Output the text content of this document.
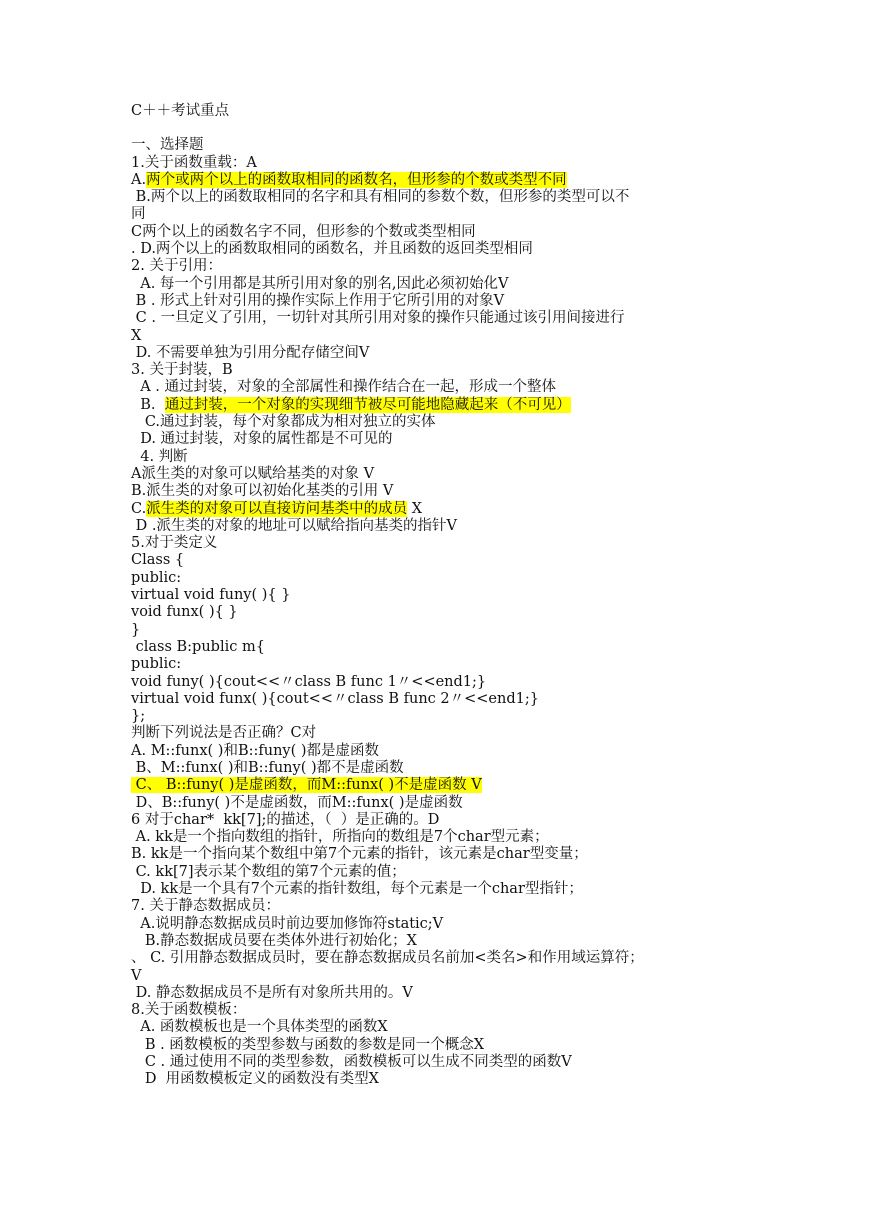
C＋＋考试重点
一、选择题
1.关于函数重载：A
A.两个或两个以上的函数取相同的函数名，但形参的个数或类型不同
B.两个以上的函数取相同的名字和具有相同的参数个数，但形参的类型可以不
同
C两个以上的函数名字不同，但形参的个数或类型相同
. D.两个以上的函数取相同的函数名，并且函数的返回类型相同
2. 关于引用：
A. 每一个引用都是其所引用对象的别名,因此必须初始化V
B . 形式上针对引用的操作实际上作用于它所引用的对象V
C . 一旦定义了引用，一切针对其所引用对象的操作只能通过该引用间接进行
X
D. 不需要单独为引用分配存储空间V
3. 关于封装，B
A . 通过封装，对象的全部属性和操作结合在一起，形成一个整体
B.  通过封装，一个对象的实现细节被尽可能地隐藏起来（不可见）
C.通过封装，每个对象都成为相对独立的实体
D. 通过封装，对象的属性都是不可见的
4. 判断
A派生类的对象可以赋给基类的对象 V
B.派生类的对象可以初始化基类的引用 V
C.派生类的对象可以直接访问基类中的成员 X
D .派生类的对象的地址可以赋给指向基类的指针V
5.对于类定义
Class {
public:
virtual void funy( ){ }
void funx( ){ }
}
class B:public m{
public:
void funy( ){cout<<〃class B func 1〃<<end1;}
virtual void funx( ){cout<<〃class B func 2〃<<end1;}
};
判断下列说法是否正确？C对
A. M::funx( )和B::funy( )都是虚函数
B、M::funx( )和B::funy( )都不是虚函数
C、 B::funy( )是虚函数，而M::funx( )不是虚函数 V
D、B::funy( )不是虚函数，而M::funx( )是虚函数
6 对于char*  kk[7];的描述，（  ）是正确的。D
A. kk是一个指向数组的指针，所指向的数组是7个char型元素；
B. kk是一个指向某个数组中第7个元素的指针，该元素是char型变量；
C. kk[7]表示某个数组的第7个元素的值；
D. kk是一个具有7个元素的指针数组，每个元素是一个char型指针；
7. 关于静态数据成员：
A.说明静态数据成员时前边要加修饰符static;V
B.静态数据成员要在类体外进行初始化；X
、 C. 引用静态数据成员时，要在静态数据成员名前加<类名>和作用域运算符；
V
D. 静态数据成员不是所有对象所共用的。V
8.关于函数模板：
A. 函数模板也是一个具体类型的函数X
B . 函数模板的类型参数与函数的参数是同一个概念X
C . 通过使用不同的类型参数，函数模板可以生成不同类型的函数V
D  用函数模板定义的函数没有类型X
